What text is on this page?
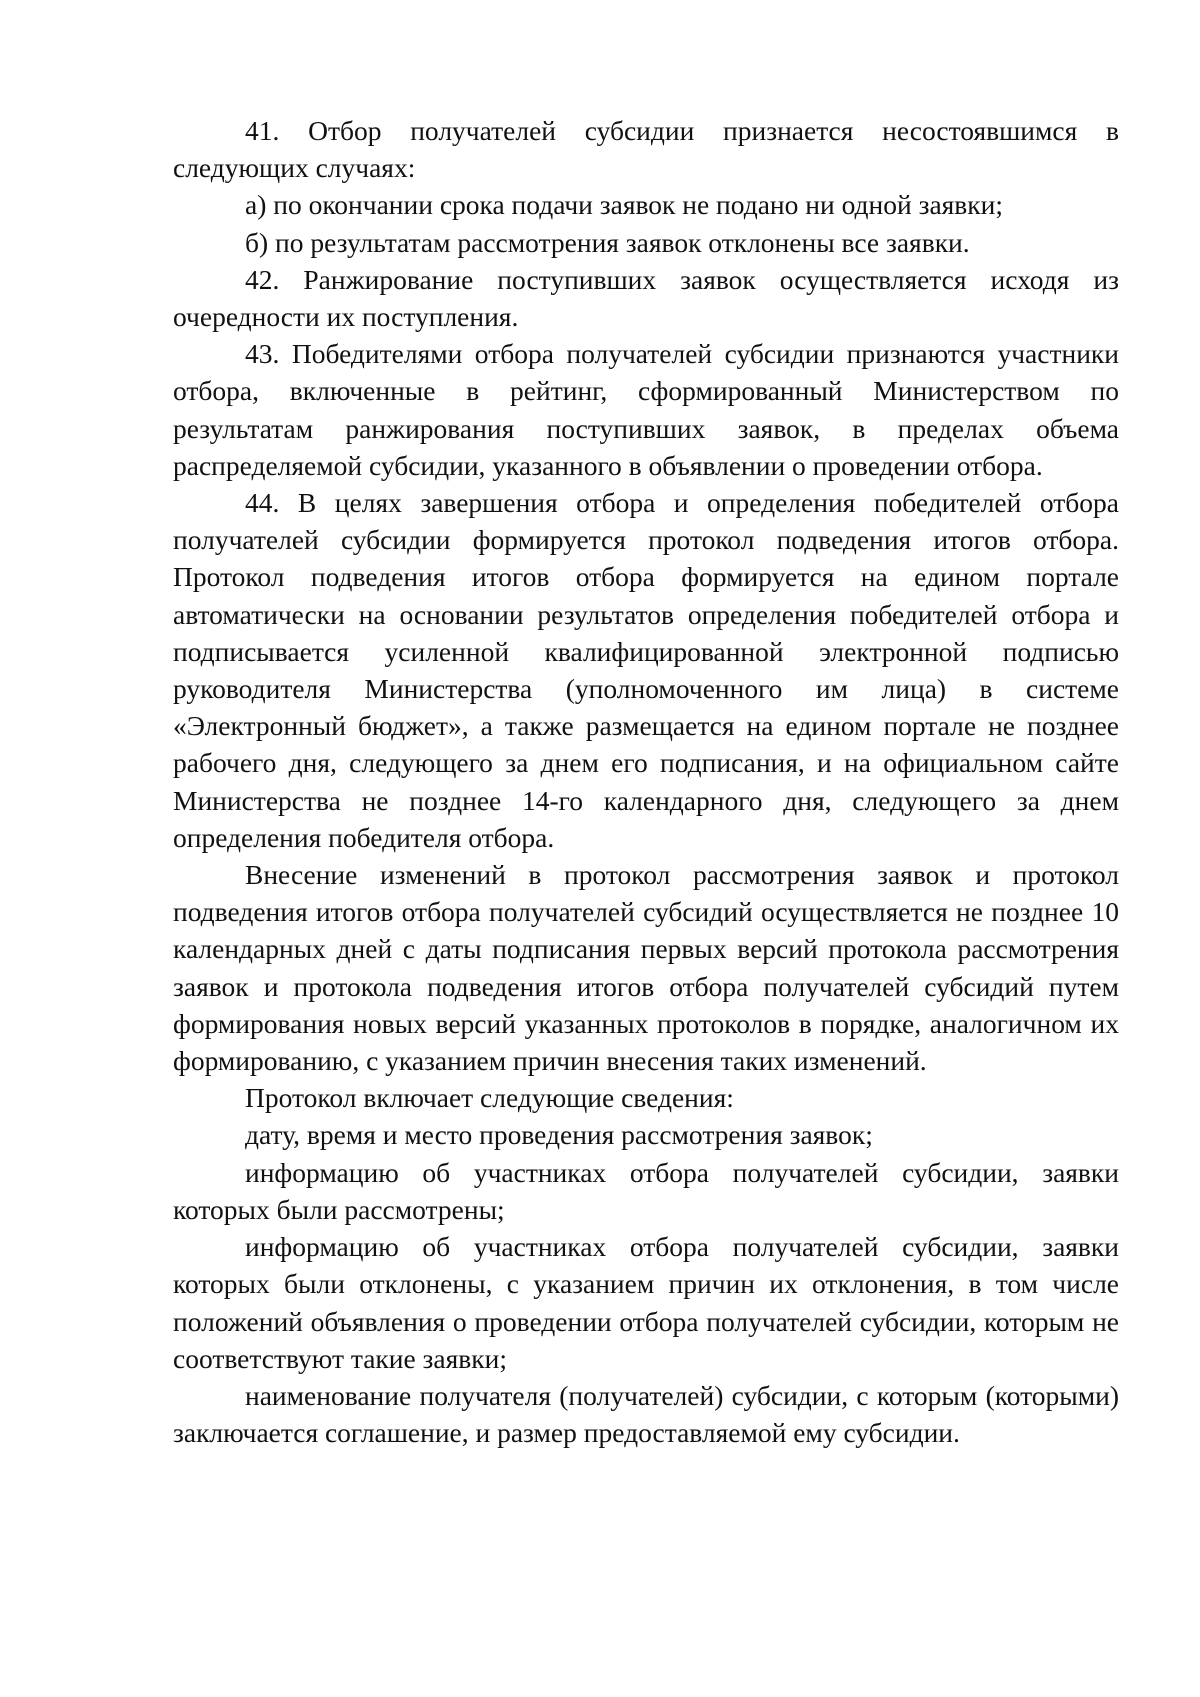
41. Отбор получателей субсидии признается несостоявшимся в следующих случаях:

а) по окончании срока подачи заявок не подано ни одной заявки;

б) по результатам рассмотрения заявок отклонены все заявки.

42. Ранжирование поступивших заявок осуществляется исходя из очередности их поступления.

43. Победителями отбора получателей субсидии признаются участники отбора, включенные в рейтинг, сформированный Министерством по результатам ранжирования поступивших заявок, в пределах объема распределяемой субсидии, указанного в объявлении о проведении отбора.

44. В целях завершения отбора и определения победителей отбора получателей субсидии формируется протокол подведения итогов отбора. Протокол подведения итогов отбора формируется на едином портале автоматически на основании результатов определения победителей отбора и подписывается усиленной квалифицированной электронной подписью руководителя Министерства (уполномоченного им лица) в системе «Электронный бюджет», а также размещается на едином портале не позднее рабочего дня, следующего за днем его подписания, и на официальном сайте Министерства не позднее 14-го календарного дня, следующего за днем определения победителя отбора.

Внесение изменений в протокол рассмотрения заявок и протокол подведения итогов отбора получателей субсидий осуществляется не позднее 10 календарных дней с даты подписания первых версий протокола рассмотрения заявок и протокола подведения итогов отбора получателей субсидий путем формирования новых версий указанных протоколов в порядке, аналогичном их формированию, с указанием причин внесения таких изменений.

Протокол включает следующие сведения:

дату, время и место проведения рассмотрения заявок;

информацию об участниках отбора получателей субсидии, заявки которых были рассмотрены;

информацию об участниках отбора получателей субсидии, заявки которых были отклонены, с указанием причин их отклонения, в том числе положений объявления о проведении отбора получателей субсидии, которым не соответствуют такие заявки;

наименование получателя (получателей) субсидии, с которым (которыми) заключается соглашение, и размер предоставляемой ему субсидии.
